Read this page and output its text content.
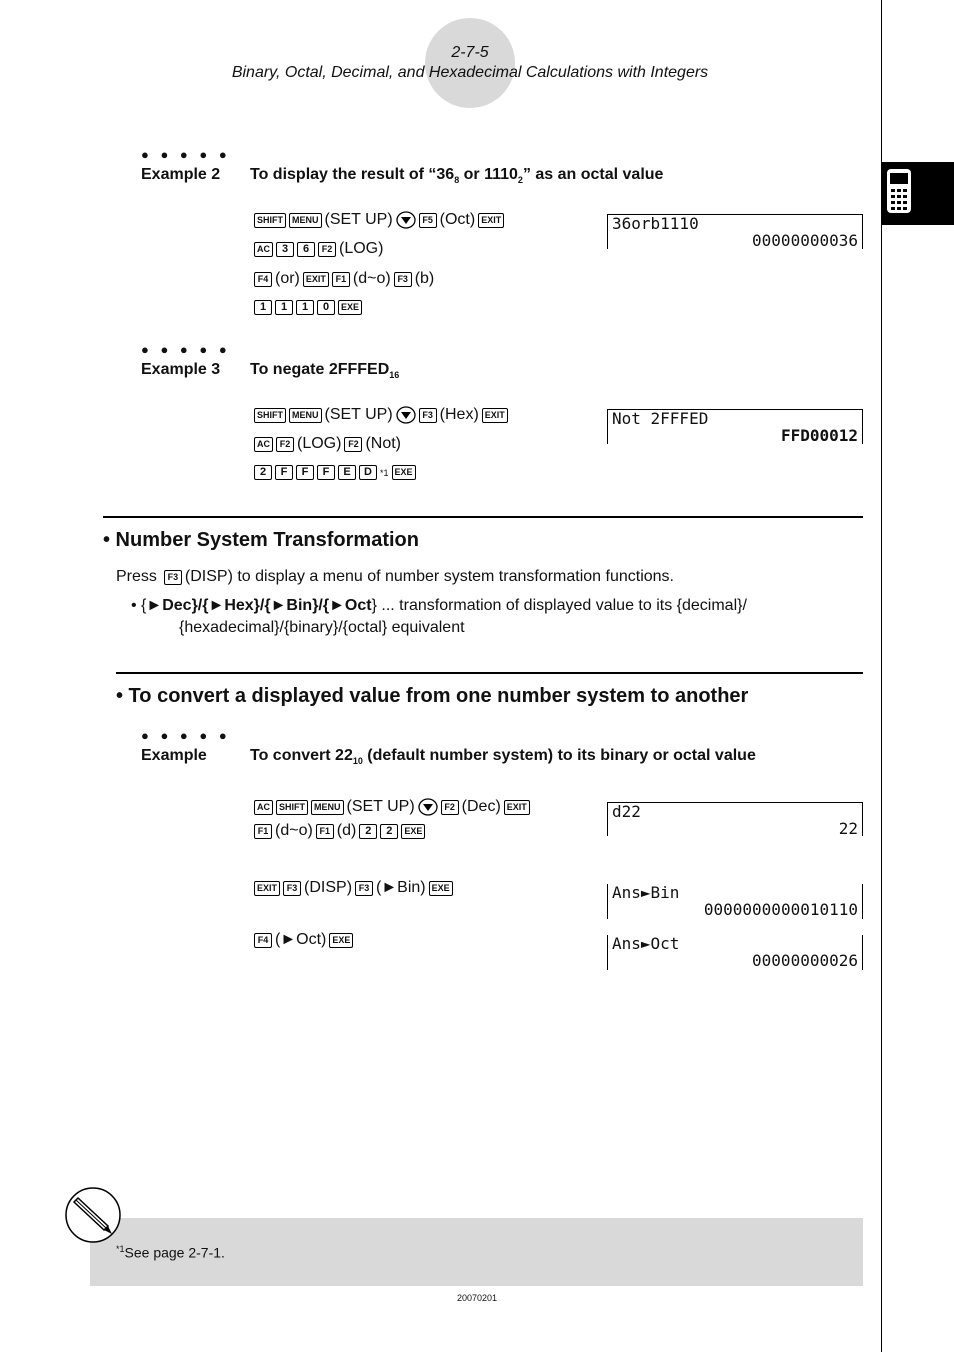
2-7-5
Binary, Octal, Decimal, and Hexadecimal Calculations with Integers
● ● ● ● ●
Example 2 To display the result of “$36_8$ or $1110_2$” as an octal value
SHIFT	MENU (SET UP)	F5 (Oct) EXIT
AC	3	6	F2 (LOG)
F4 (or) EXIT	F1 (d~o) F3 (b)
1	1	1	0	EXE
36orb1110
00000000036
● ● ● ● ●
Example 3 To negate $2FFFED_{16}$
SHIFT	MENU (SET UP)	F3 (Hex) EXIT
AC	F2 (LOG) F2 (Not)
2	F	F	F	E	D *1 EXE
Not 2FFFED
FFD00012
• Number System Transformation
Press	F3 (DISP) to display a menu of number system transformation functions.
• {►Dec}/{►Hex}/{►Bin}/{►Oct} ... transformation of displayed value to its {decimal}/
{hexadecimal}/{binary}/{octal} equivalent
• To convert a displayed value from one number system to another
● ● ● ● ●
Example	To convert $22_{10}$ (default number system) to its binary or octal value
AC	SHIFT	MENU (SET UP)	F2 (Dec) EXIT
F1 (d~o) F1 (d) 2	2	EXE
EXIT	F3 (DISP) F3 (►Bin) EXE
F4 (►Oct) EXE
d22
22
Ans►Bin
0000000000010110
Ans►Oct
00000000026
$^{*1}$See page 2-7-1.
20070201
